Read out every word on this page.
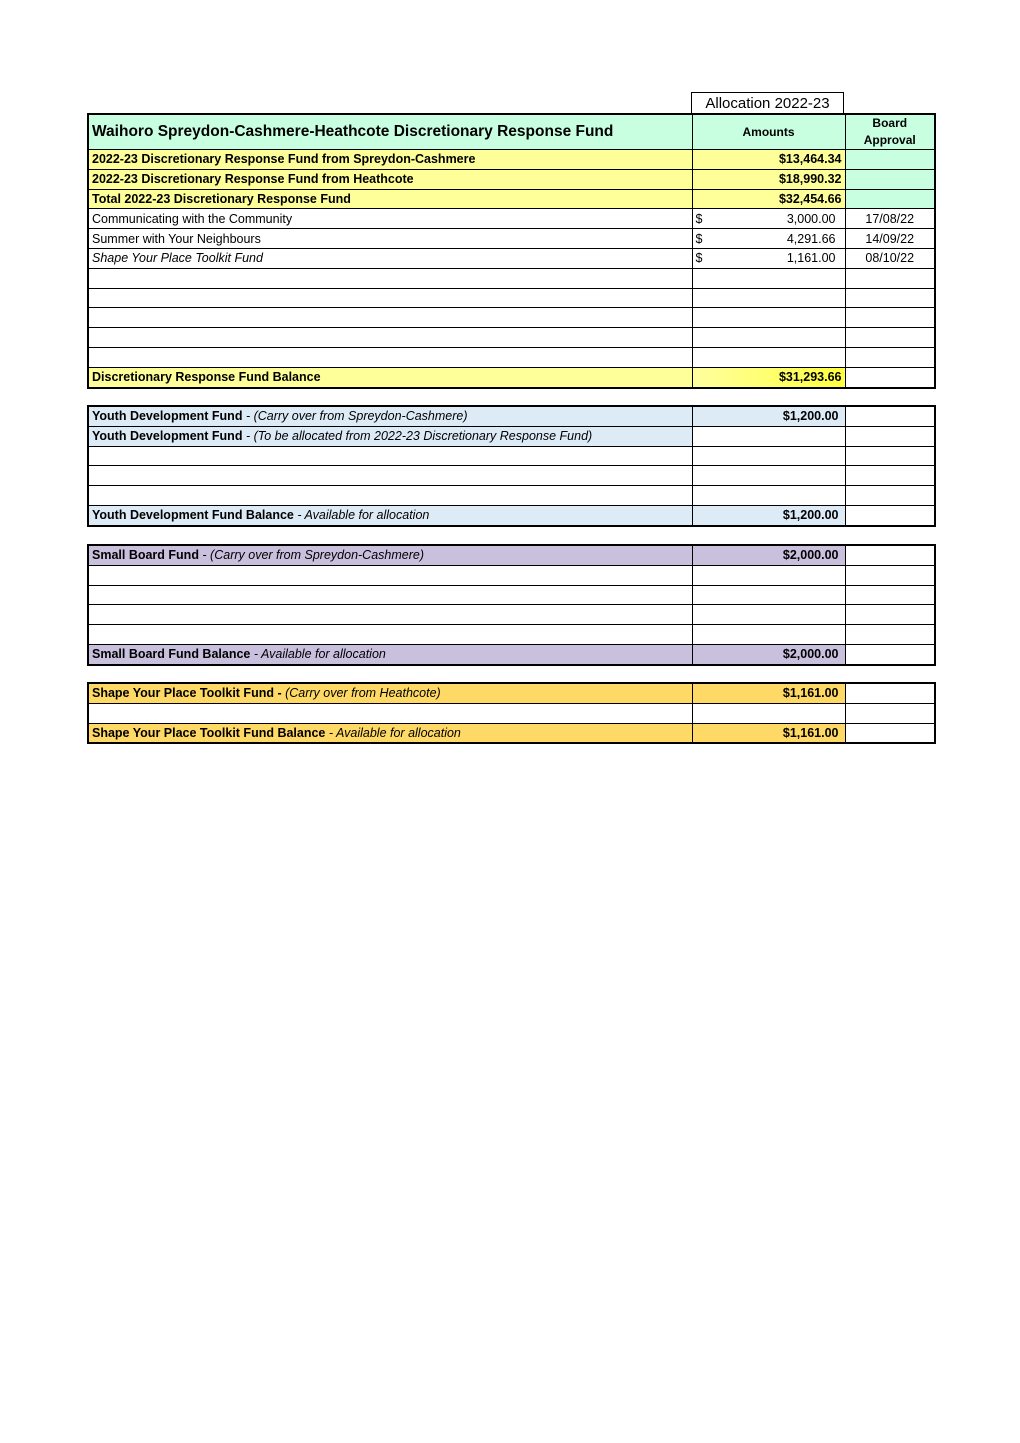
Allocation 2022-23
Waihoro Spreydon-Cashmere-Heathcote Discretionary Response Fund	Amounts	Board Approval
2022-23 Discretionary Response Fund from Spreydon-Cashmere	$13,464.34	
2022-23 Discretionary Response Fund from Heathcote	$18,990.32	
Total 2022-23 Discretionary Response Fund	$32,454.66	
Communicating with the Community	$ 3,000.00	17/08/22
Summer with Your Neighbours	$ 4,291.66	14/09/22
Shape Your Place Toolkit Fund	$ 1,161.00	08/10/22

Discretionary Response Fund Balance	$31,293.66	
Youth Development Fund - (Carry over from Spreydon-Cashmere)	$1,200.00	
Youth Development Fund - (To be allocated from 2022-23 Discretionary Response Fund)		

Youth Development Fund Balance - Available for allocation	$1,200.00	
Small Board Fund - (Carry over from Spreydon-Cashmere)	$2,000.00	

Small Board Fund Balance - Available for allocation	$2,000.00	
Shape Your Place Toolkit Fund - (Carry over from Heathcote)	$1,161.00	

Shape Your Place Toolkit Fund Balance - Available for allocation	$1,161.00	
